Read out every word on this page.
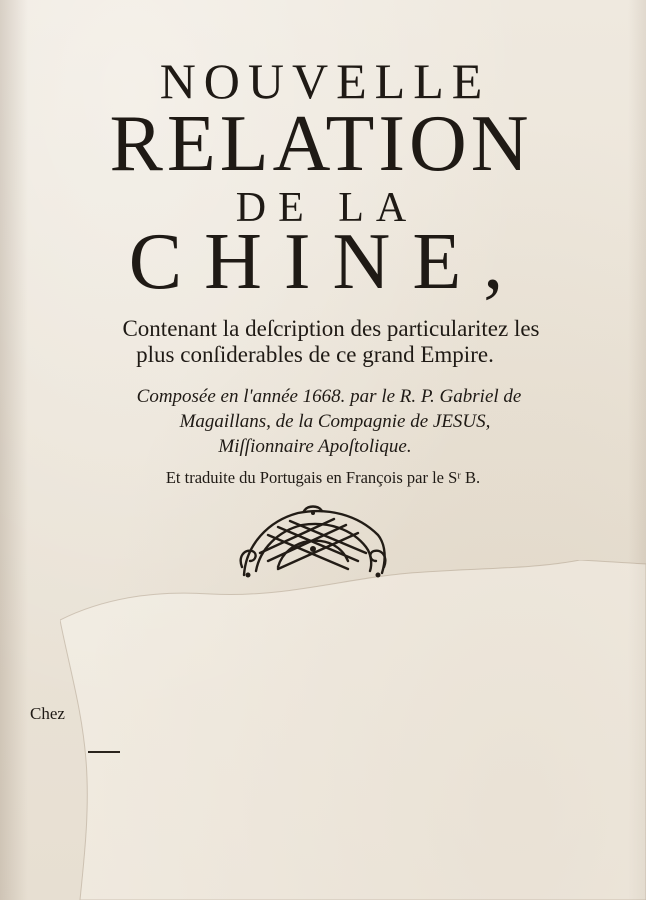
NOUVELLE
RELATION
DE LA
CHINE,
Contenant la deſcription des particularitez les
plus conſiderables de ce grand Empire.
Composée en l'année 1668. par le R. P. Gabriel de
Magaillans, de la Compagnie de JESUS,
Miſſionnaire Apoſtolique.
Et traduite du Portugais en François par le Sʳ B.
Chez
